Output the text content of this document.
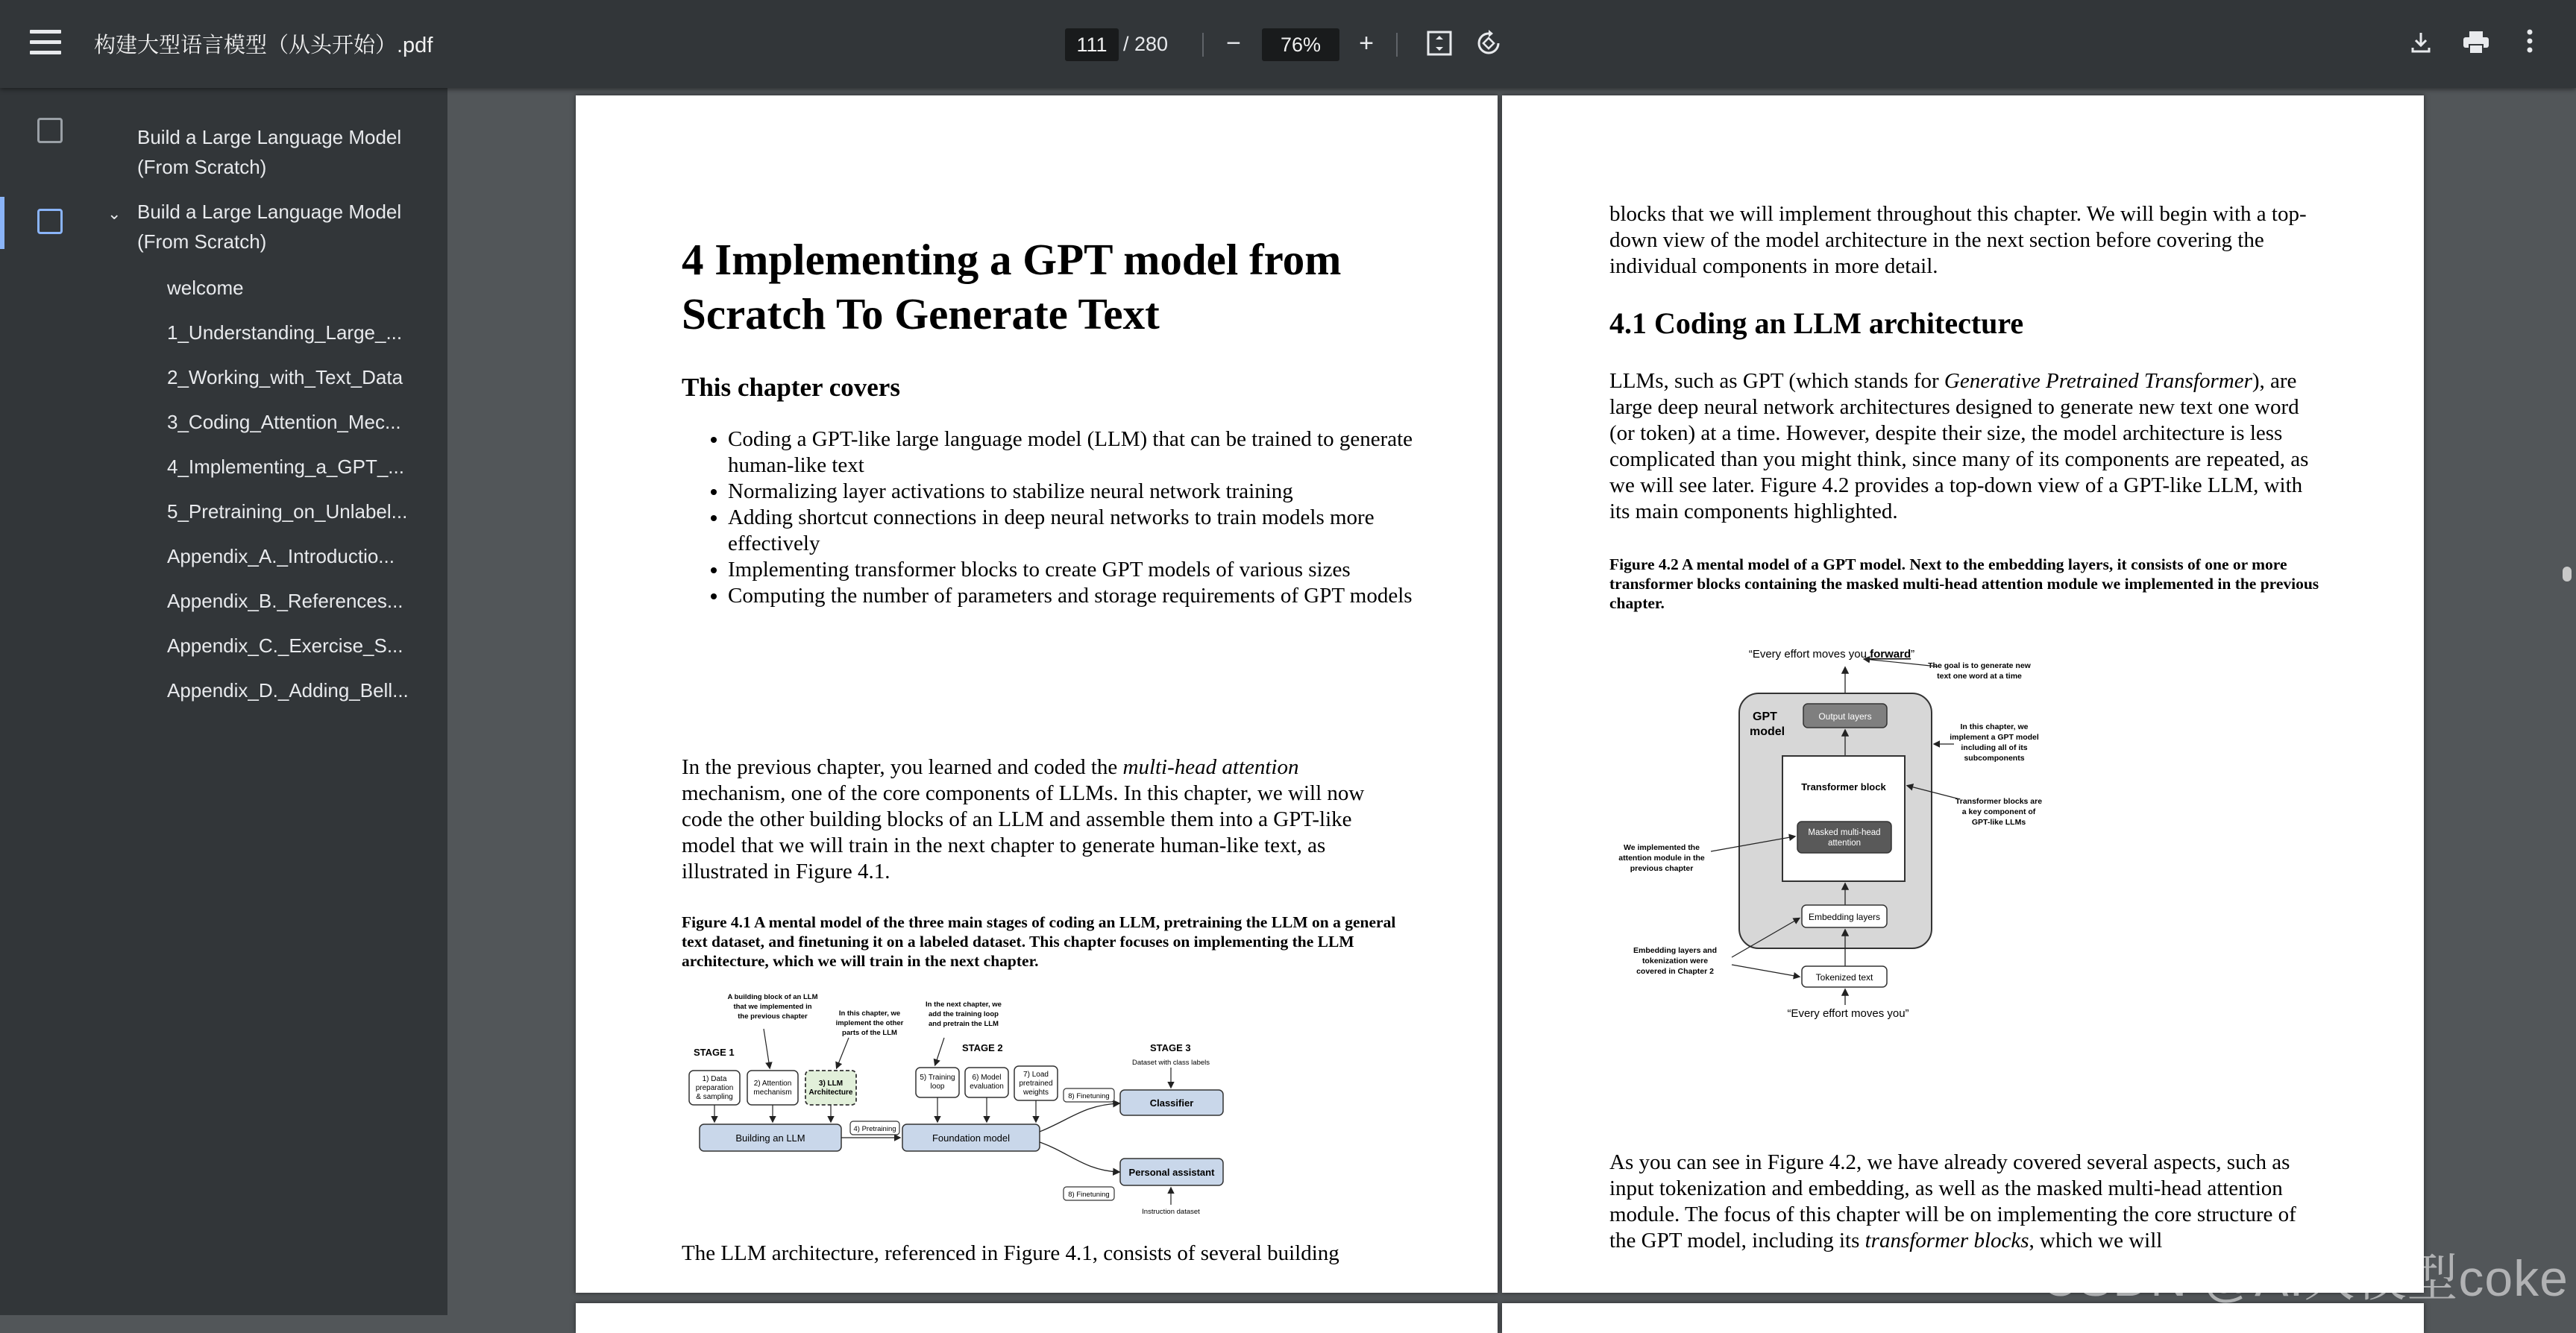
构建大型语言模型（从头开始）.pdf	111 / 280 −	76%	+
Build a Large Language Model (From Scratch)
⌄ Build a Large Language Model (From Scratch)
welcome
1_Understanding_Large_...
2_Working_with_Text_Data
3_Coding_Attention_Mec...
4_Implementing_a_GPT_...
5_Pretraining_on_Unlabel...
Appendix_A._Introductio...
Appendix_B._References...
Appendix_C._Exercise_S...
Appendix_D._Adding_Bell...
4 Implementing a GPT model from Scratch To Generate Text
This chapter covers
• Coding a GPT-like large language model (LLM) that can be trained to generate human-like text
• Normalizing layer activations to stabilize neural network training
• Adding shortcut connections in deep neural networks to train models more effectively
• Implementing transformer blocks to create GPT models of various sizes
• Computing the number of parameters and storage requirements of GPT models

In the previous chapter, you learned and coded the multi-head attention mechanism, one of the core components of LLMs. In this chapter, we will now code the other building blocks of an LLM and assemble them into a GPT-like model that we will train in the next chapter to generate human-like text, as illustrated in Figure 4.1.

Figure 4.1 A mental model of the three main stages of coding an LLM, pretraining the LLM on a general text dataset, and finetuning it on a labeled dataset. This chapter focuses on implementing the LLM architecture, which we will train in the next chapter.

A building block of an LLM that we implemented in the previous chapter	In this chapter, we implement the other parts of the LLM
In the next chapter, we add the training loop and pretrain the LLM
STAGE 1	STAGE 2	STAGE 3
1) Data preparation & sampling
2) Attention mechanism
3) LLM Architecture
Building an LLM
4) Pretraining
5) Training loop
6) Model evaluation
7) Load pretrained weights
Foundation model
Dataset with class labels
Classifier
Personal assistant
Instruction dataset
8) Finetuning
8) Finetuning

The LLM architecture, referenced in Figure 4.1, consists of several building

blocks that we will implement throughout this chapter. We will begin with a top-down view of the model architecture in the next section before covering the individual components in more detail.

4.1 Coding an LLM architecture

LLMs, such as GPT (which stands for Generative Pretrained Transformer), are large deep neural network architectures designed to generate new text one word (or token) at a time. However, despite their size, the model architecture is less complicated than you might think, since many of its components are repeated, as we will see later. Figure 4.2 provides a top-down view of a GPT-like LLM, with its main components highlighted.

Figure 4.2 A mental model of a GPT model. Next to the embedding layers, it consists of one or more transformer blocks containing the masked multi-head attention module we implemented in the previous chapter.

“Every effort moves you forward”
GPT model
Output layers
Transformer block
Masked multi-head attention
Embedding layers
Tokenized text
“Every effort moves you”
The goal is to generate new text one word at a time
In this chapter, we implement a GPT model including all of its subcomponents
Transformer blocks are a key component of GPT-like LLMs
We implemented the attention module in the previous chapter
Embedding layers and tokenization were covered in Chapter 2

As you can see in Figure 4.2, we have already covered several aspects, such as input tokenization and embedding, as well as the masked multi-head attention module. The focus of this chapter will be on implementing the core structure of the GPT model, including its transformer blocks, which we will

CSDN @AI大模型coke
